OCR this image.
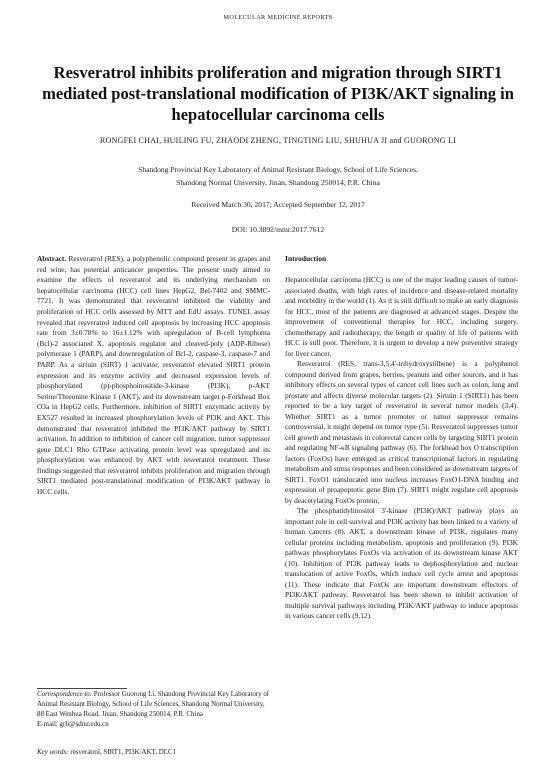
MOLECULAR MEDICINE REPORTS
Resveratrol inhibits proliferation and migration through SIRT1 mediated post-translational modification of PI3K/AKT signaling in hepatocellular carcinoma cells
RONGFEI CHAI, HUILING FU, ZHAODI ZHENG, TINGTING LIU, SHUHUA JI and GUORONG LI
Shandong Provincial Key Laboratory of Animal Resistant Biology, School of Life Sciences,
Shandong Normal University, Jinan, Shandong 250014, P.R. China
Received March 30, 2017; Accepted September 12, 2017
DOI: 10.3892/mmr.2017.7612

Abstract. Resveratrol (RES), a polyphenolic compound present in grapes and red wine, has potential anticancer properties. The present study aimed to examine the effects of resveratrol and its underlying mechanism on hepatocellular carcinoma (HCC) cell lines HepG2, Bel-7402 and SMMC-7721. It was demonstrated that resveratrol inhibited the viability and proliferation of HCC cells assessed by MTT and EdU assays. TUNEL assay revealed that resveratrol induced cell apoptosis by increasing HCC apoptosis rate from 3±0.78% to 16±1.12% with upregulation of B-cell lymphoma (Bcl)-2 associated X, apoptosis regulator and cleaved-poly (ADP-Ribose) polymerase 1 (PARP), and downregulation of Bcl-2, caspase-3, caspase-7 and PARP. As a sirtuin (SIRT) 1 activator, resveratrol elevated SIRT1 protein expression and its enzyme activity and decreased expression levels of phosphorylated (p)-phosphoinositide-3-kinase (PI3K), p-AKT Serine/Threonine Kinase 1 (AKT), and its downstream target p-Forkhead Box O3a in HepG2 cells. Furthermore, inhibition of SIRT1 enzymatic activity by EX527 resulted in increased phosphorylation levels of PI3K and AKT. This demonstrated that resveratrol inhibited the PI3K/AKT pathway by SIRT1 activation. In addition to inhibition of cancer cell migration, tumor suppressor gene DLC1 Rho GTPase activating protein level was upregulated and its phosphorylation was enhanced by AKT with resveratrol treatment. These findings suggested that resveratrol inhibits proliferation and migration through SIRT1 mediated post-translational modification of PI3K/AKT pathway in HCC cells.

Correspondence to: Professor Guorong Li, Shandong Provincial Key Laboratory of Animal Resistant Biology, School of Life Sciences, Shandong Normal University, 88 East Wenhua Road, Jinan, Shandong 250014, P.R. China
E-mail: grli@sdnu.edu.cn
Key words: resveratrol, SIRT1, PI3K/AKT, DLC1
Introduction

Hepatocellular carcinoma (HCC) is one of the major leading causes of tumor-associated deaths, with high rates of incidence and disease-related mortality and morbidity in the world (1). As it is still difficult to make an early diagnosis for HCC, most of the patients are diagnosed at advanced stages. Despite the improvement of conventional therapies for HCC, including surgery, chemotherapy and radiotherapy, the length or quality of life of patients with HCC is still poor. Therefore, it is urgent to develop a new preventive strategy for liver cancer.

Resveratrol (RES, trans-3,5,4'-trihydroxystilbene) is a polyphenol compound derived from grapes, berries, peanuts and other sources, and it has inhibitory effects on several types of cancer cell lines such as colon, lung and prostate and affects diverse molecular targets (2). Sirtuin 1 (SIRT1) has been reported to be a key target of resveratrol in several tumor models (3,4). Whether SIRT1 as a tumor promoter or tumor suppressor remains controversial, it might depend on tumor type (5). Resveratrol suppresses tumor cell growth and metastasis in colorectal cancer cells by targeting SIRT1 protein and regulating NF-κB signaling pathway (6). The forkhead box O transcription factors (FoxOs) have emerged as critical transcriptional factors in regulating metabolism and stress responses and been considered as downstream targets of SIRT1. FoxO1 translocated into nucleus increases FoxO1-DNA binding and expression of proapoptotic gene Bim (7). SIRT1 might regulate cell apoptosis by deacetylating FoxOs protein.

The phosphatidylinositol 3'-kinase (PI3K)/AKT pathway plays an important role in cell survival and PI3K activity has been linked to a variety of human cancers (8). AKT, a downstream kinase of PI3K, regulates many cellular proteins including metabolism, apoptosis and proliferation (9). PI3K pathway phosphorylates FoxOs via activation of its downstream kinase AKT (10). Inhibition of PI3K pathway leads to dephosphorylation and nuclear translocation of active FoxOs, which induce cell cycle arrest and apoptosis (11). These indicate that FoxOs are important downstream effectors of PI3K/AKT pathway. Resveratrol has been shown to inhibit activation of multiple survival pathways including PI3K/AKT pathway to induce apoptosis in various cancer cells (9,12).
